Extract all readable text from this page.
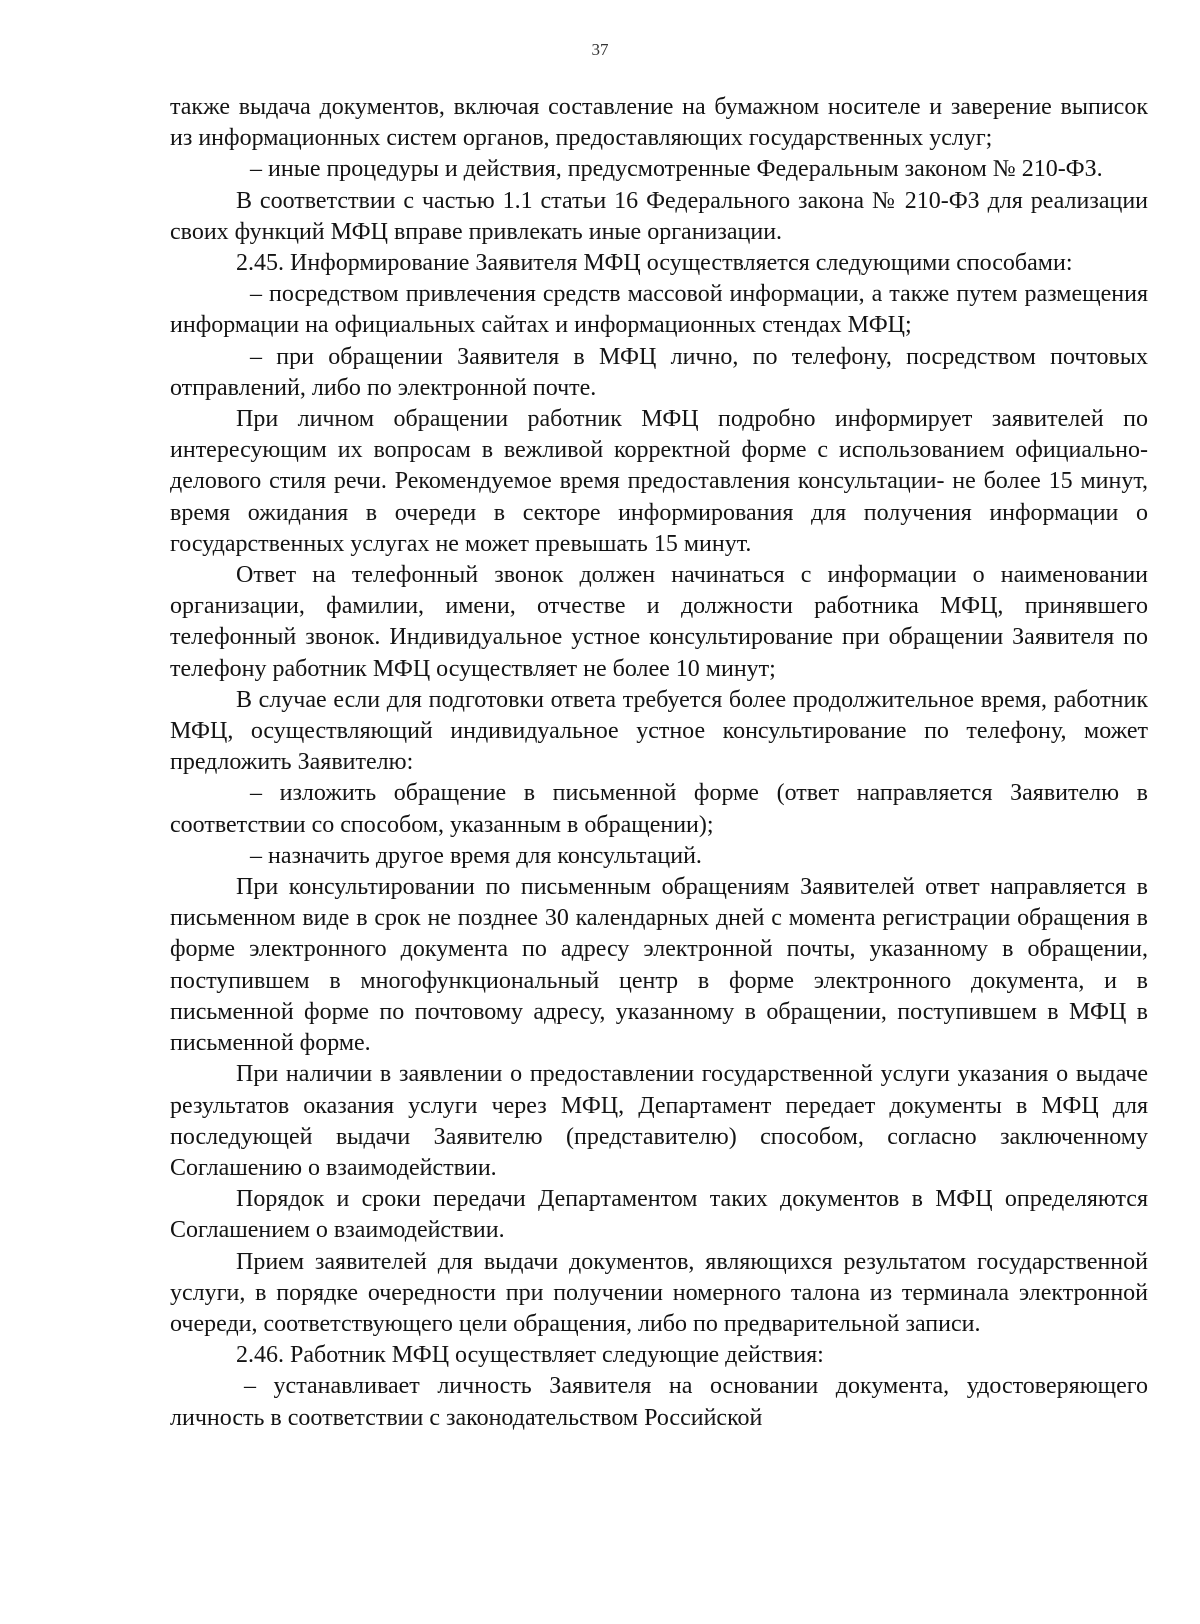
37

также выдача документов, включая составление на бумажном носителе и заверение выписок из информационных систем органов, предоставляющих государственных услуг;

– иные процедуры и действия, предусмотренные Федеральным законом № 210-ФЗ.

В соответствии с частью 1.1 статьи 16 Федерального закона № 210-ФЗ для реализации своих функций МФЦ вправе привлекать иные организации.

2.45. Информирование Заявителя МФЦ осуществляется следующими способами:

– посредством привлечения средств массовой информации, а также путем размещения информации на официальных сайтах и информационных стендах МФЦ;

– при обращении Заявителя в МФЦ лично, по телефону, посредством почтовых отправлений, либо по электронной почте.

При личном обращении работник МФЦ подробно информирует заявителей по интересующим их вопросам в вежливой корректной форме с использованием официально-делового стиля речи. Рекомендуемое время предоставления консультации- не более 15 минут, время ожидания в очереди в секторе информирования для получения информации о государственных услугах не может превышать 15 минут.

Ответ на телефонный звонок должен начинаться с информации о наименовании организации, фамилии, имени, отчестве и должности работника МФЦ, принявшего телефонный звонок. Индивидуальное устное консультирование при обращении Заявителя по телефону работник МФЦ осуществляет не более 10 минут;

В случае если для подготовки ответа требуется более продолжительное время, работник МФЦ, осуществляющий индивидуальное устное консультирование по телефону, может предложить Заявителю:

– изложить обращение в письменной форме (ответ направляется Заявителю в соответствии со способом, указанным в обращении);

– назначить другое время для консультаций.

При консультировании по письменным обращениям Заявителей ответ направляется в письменном виде в срок не позднее 30 календарных дней с момента регистрации обращения в форме электронного документа по адресу электронной почты, указанному в обращении, поступившем в многофункциональный центр в форме электронного документа, и в письменной форме по почтовому адресу, указанному в обращении, поступившем в МФЦ в письменной форме.

При наличии в заявлении о предоставлении государственной услуги указания о выдаче результатов оказания услуги через МФЦ, Департамент передает документы в МФЦ для последующей выдачи Заявителю (представителю) способом, согласно заключенному Соглашению о взаимодействии.

Порядок и сроки передачи Департаментом таких документов в МФЦ определяются Соглашением о взаимодействии.

Прием заявителей для выдачи документов, являющихся результатом государственной услуги, в порядке очередности при получении номерного талона из терминала электронной очереди, соответствующего цели обращения, либо по предварительной записи.

2.46. Работник МФЦ осуществляет следующие действия:

– устанавливает личность Заявителя на основании документа, удостоверяющего личность в соответствии с законодательством Российской
